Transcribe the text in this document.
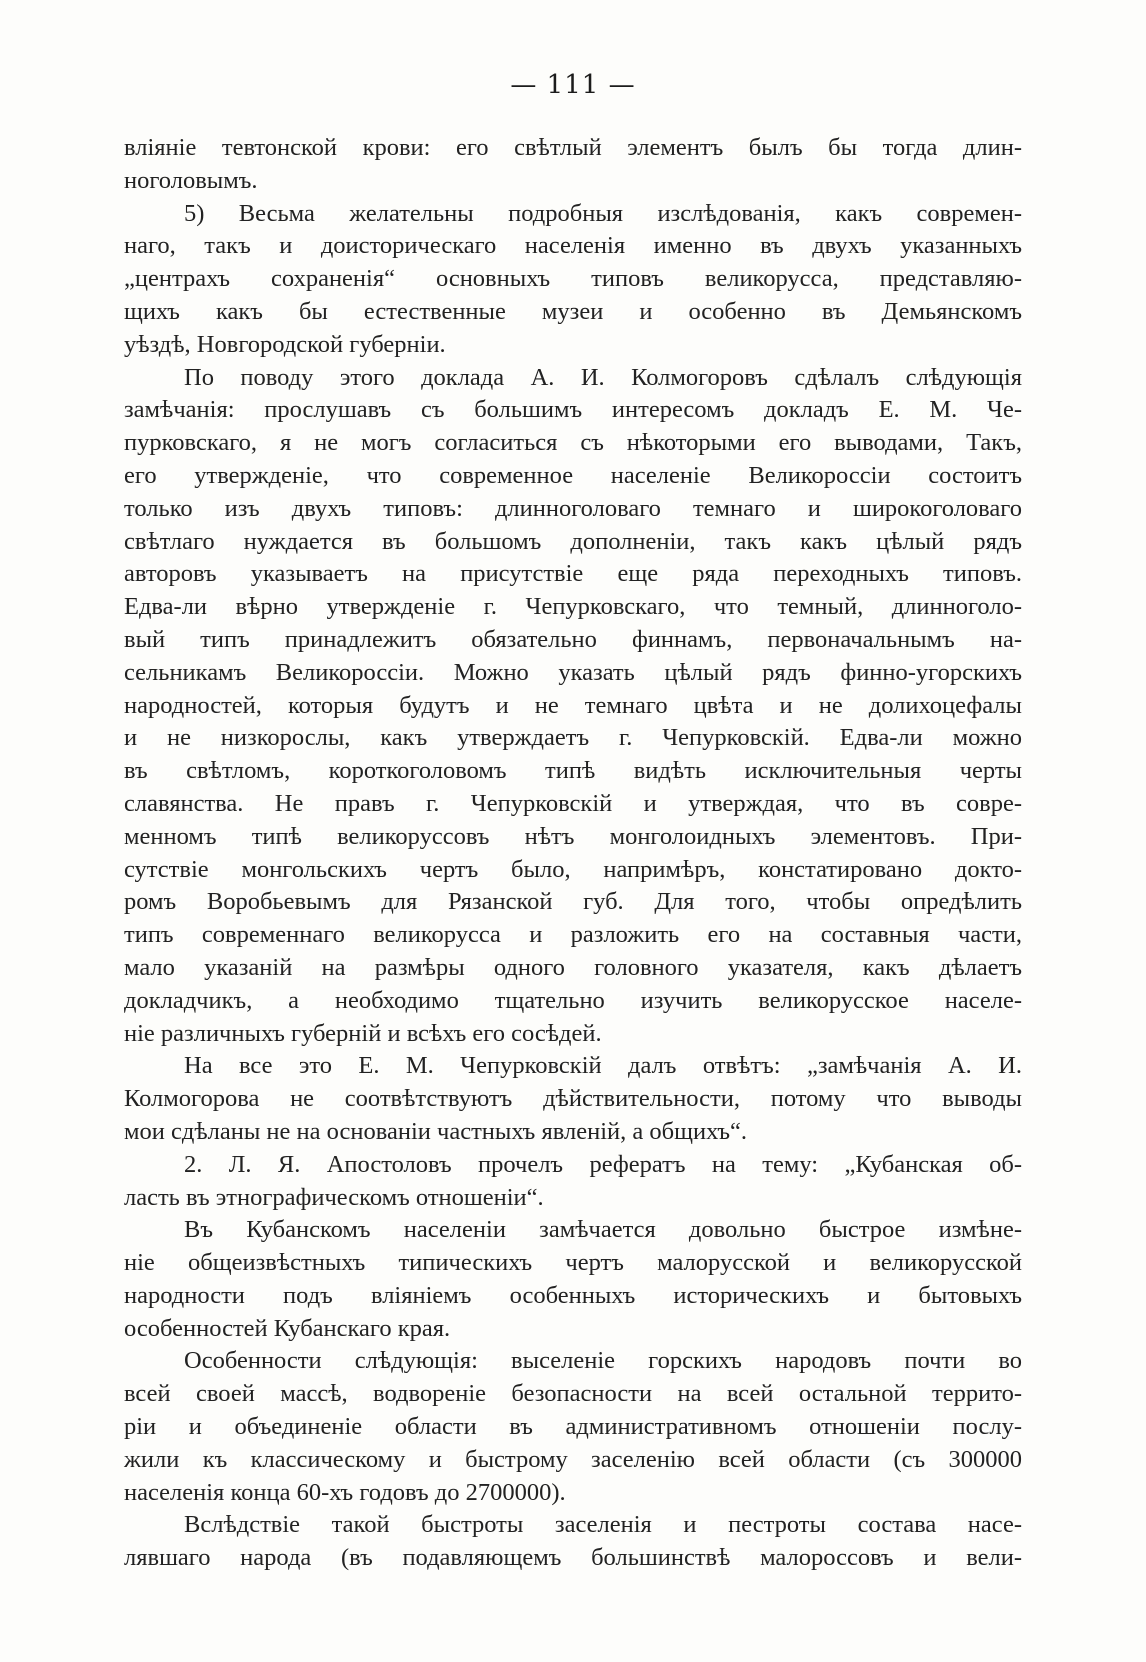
— 111 —
вліяніе тевтонской крови: его свѣтлый элементъ былъ бы тогда длин-
ноголовымъ.
5) Весьма желательны подробныя изслѣдованія, какъ современ-
наго, такъ и доисторическаго населенія именно въ двухъ указанныхъ
„центрахъ сохраненія“ основныхъ типовъ великорусса, представляю-
щихъ какъ бы естественные музеи и особенно въ Демьянскомъ
уѣздѣ, Новгородской губерніи.
По поводу этого доклада А. И. Колмогоровъ сдѣлалъ слѣдующія
замѣчанія: прослушавъ съ большимъ интересомъ докладъ Е. М. Че-
пурковскаго, я не могъ согласиться съ нѣкоторыми его выводами, Такъ,
его утвержденіе, что современное населеніе Великороссіи состоитъ
только изъ двухъ типовъ: длинноголоваго темнаго и широкоголоваго
свѣтлаго нуждается въ большомъ дополненіи, такъ какъ цѣлый рядъ
авторовъ указываетъ на присутствіе еще ряда переходныхъ типовъ.
Едва-ли вѣрно утвержденіе г. Чепурковскаго, что темный, длинноголо-
вый типъ принадлежитъ обязательно финнамъ, первоначальнымъ на-
сельникамъ Великороссіи. Можно указать цѣлый рядъ финно-угорскихъ
народностей, которыя будутъ и не темнаго цвѣта и не долихоцефалы
и не низкорослы, какъ утверждаетъ г. Чепурковскій. Едва-ли можно
въ свѣтломъ, короткоголовомъ типѣ видѣть исключительныя черты
славянства. Не правъ г. Чепурковскій и утверждая, что въ совре-
менномъ типѣ великоруссовъ нѣтъ монголоидныхъ элементовъ. При-
сутствіе монгольскихъ чертъ было, напримѣръ, констатировано докто-
ромъ Воробьевымъ для Рязанской губ. Для того, чтобы опредѣлить
типъ современнаго великорусса и разложить его на составныя части,
мало указаній на размѣры одного головного указателя, какъ дѣлаетъ
докладчикъ, а необходимо тщательно изучить великорусское населе-
ніе различныхъ губерній и всѣхъ его сосѣдей.
На все это Е. М. Чепурковскій далъ отвѣтъ: „замѣчанія А. И.
Колмогорова не соотвѣтствуютъ дѣйствительности, потому что выводы
мои сдѣланы не на основаніи частныхъ явленій, а общихъ“.
2. Л. Я. Апостоловъ прочелъ рефератъ на тему: „Кубанская об-
ласть въ этнографическомъ отношеніи“.
Въ Кубанскомъ населеніи замѣчается довольно быстрое измѣне-
ніе общеизвѣстныхъ типическихъ чертъ малорусской и великорусской
народности подъ вліяніемъ особенныхъ историческихъ и бытовыхъ
особенностей Кубанскаго края.
Особенности слѣдующія: выселеніе горскихъ народовъ почти во
всей своей массѣ, водвореніе безопасности на всей остальной террито-
ріи и объединеніе области въ административномъ отношеніи послу-
жили къ классическому и быстрому заселенію всей области (съ 300000
населенія конца 60-хъ годовъ до 2700000).
Вслѣдствіе такой быстроты заселенія и пестроты состава насе-
лявшаго народа (въ подавляющемъ большинствѣ малороссовъ и вели-
